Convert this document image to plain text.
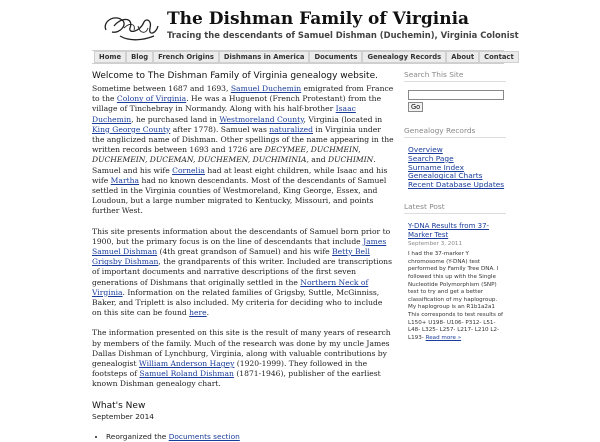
The Dishman Family of Virginia
Tracing the descendants of Samuel Dishman (Duchemin), Virginia Colonist
Home	Blog	French Origins	Dishmans in America	Documents	Genealogy Records	About	Contact
Welcome to The Dishman Family of Virginia genealogy website.

Sometime between 1687 and 1693, Samuel Duchemin emigrated from France to the Colony of Virginia. He was a Huguenot (French Protestant) from the village of Tinchebray in Normandy. Along with his half-brother Isaac Duchemin, he purchased land in Westmoreland County, Virginia (located in King George County after 1778). Samuel was naturalized in Virginia under the anglicized name of Dishman. Other spellings of the name appearing in the written records between 1693 and 1726 are DECYMEE, DUCHMEIN, DUCHEMEIN, DUCEMAN, DUCHEMEN, DUCHIMINIA, and DUCHIMIN. Samuel and his wife Cornelia had at least eight children, while Isaac and his wife Martha had no known descendants. Most of the descendants of Samuel settled in the Virginia counties of Westmoreland, King George, Essex, and Loudoun, but a large number migrated to Kentucky, Missouri, and points further West.

This site presents information about the descendants of Samuel born prior to 1900, but the primary focus is on the line of descendants that include James Samuel Dishman (4th great grandson of Samuel) and his wife Betty Bell Grigsby Dishman, the grandparents of this writer. Included are transcriptions of important documents and narrative descriptions of the first seven generations of Dishmans that originally settled in the Northern Neck of Virginia. Information on the related families of Grigsby, Suttle, McGinniss, Baker, and Triplett is also included. My criteria for deciding who to include on this site can be found here.

The information presented on this site is the result of many years of research by members of the family. Much of the research was done by my uncle James Dallas Dishman of Lynchburg, Virginia, along with valuable contributions by genealogist William Anderson Hagey (1920-1999). They followed in the footsteps of Samuel Roland Dishman (1871-1946), publisher of the earliest known Dishman genealogy chart.

What's New

September 2014

• Reorganized the Documents section
Search This Site
Go
Genealogy Records
Overview
Search Page
Surname Index
Genealogical Charts
Recent Database Updates
Latest Post
Y-DNA Results from 37-Marker Test
September 3, 2011
I had the 37-marker Y chromosome (Y-DNA) test performed by Family Tree DNA. I followed this up with the Single Nucleotide Polymorphism (SNP) test to try and get a better classification of my haplogroup. My haplogroup is an R1b1a2a1 This corresponds to test results of L150+ U198- U106- P312- L51- L48- L325- L257- L217- L210 L2- L193- Read more »
